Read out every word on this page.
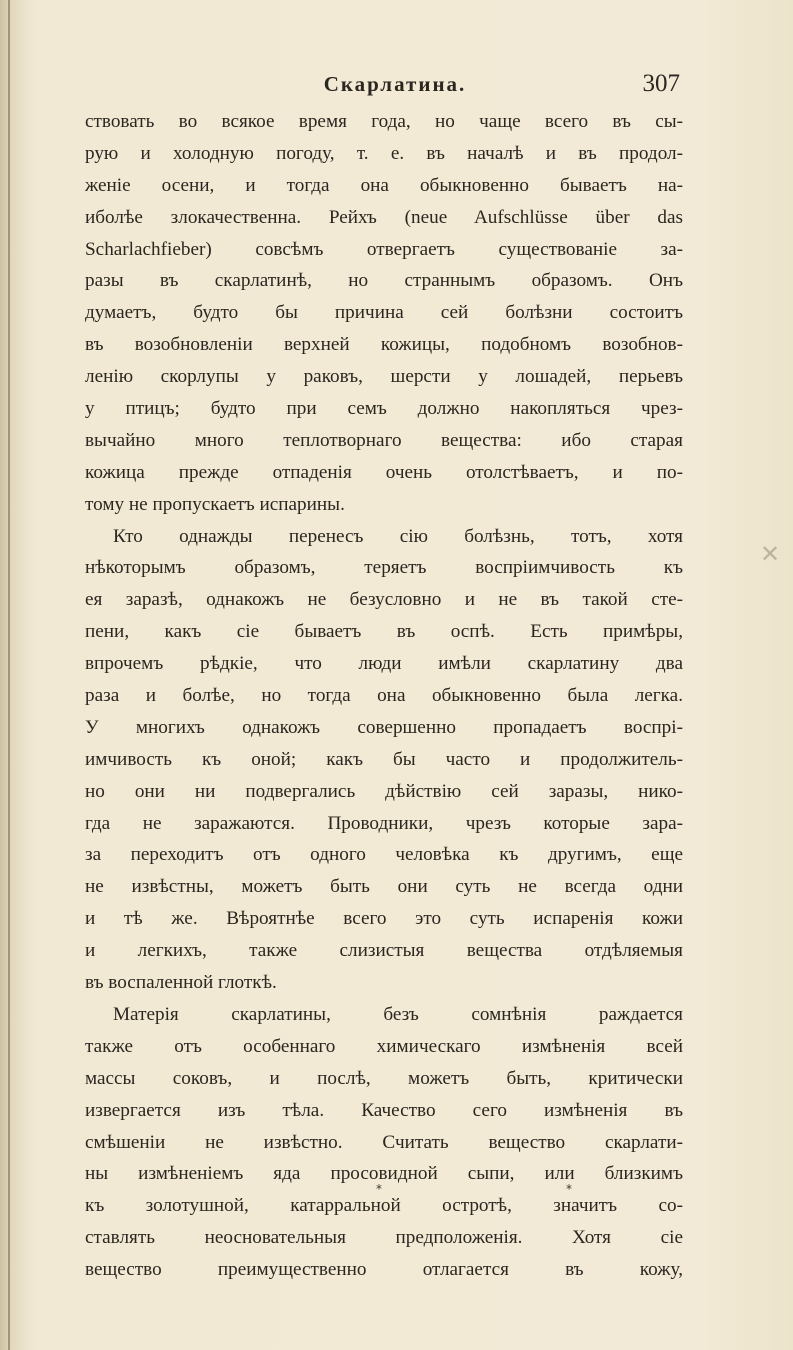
Скарлатина.	307
ствовать во всякое время года, но чаще всего въ сы-
рую и холодную погоду, т. е. въ началѣ и въ продол-
женіе осени, и тогда она обыкновенно бываетъ на-
иболѣе злокачественна. Рейхъ (neue Aufschlüsse über das
Scharlachfieber) совсѣмъ отвергаетъ существованіе за-
разы въ скарлатинѣ, но страннымъ образомъ. Онъ
думаетъ, будто бы причина сей болѣзни состоитъ
въ возобновленіи верхней кожицы, подобномъ возобнов-
ленію скорлупы у раковъ, шерсти у лошадей, перьевъ
у птицъ; будто при семъ должно накопляться чрез-
вычайно много теплотворнаго вещества: ибо старая
кожица прежде отпаденія очень отолстѣваетъ, и по-
тому не пропускаетъ испарины.
Кто однажды перенесъ сію болѣзнь, тотъ, хотя
нѣкоторымъ образомъ, теряетъ воспріимчивость къ
ея заразѣ, однакожъ не безусловно и не въ такой сте-
пени, какъ сіе бываетъ въ оспѣ. Есть примѣры,
впрочемъ рѣдкіе, что люди имѣли скарлатину два
раза и болѣе, но тогда она обыкновенно была легка.
У многихъ однакожъ совершенно пропадаетъ воспрі-
имчивость къ оной; какъ бы часто и продолжитель-
но они ни подвергались дѣйствію сей заразы, нико-
гда не заражаются. Проводники, чрезъ которые зара-
за переходитъ отъ одного человѣка къ другимъ, еще
не извѣстны, можетъ быть они суть не всегда одни
и тѣ же. Вѣроятнѣе всего это суть испаренія кожи
и легкихъ, также слизистыя вещества отдѣляемыя
въ воспаленной глоткѣ.
Матерія скарлатины, безъ сомнѣнія раждается
также отъ особеннаго химическаго измѣненія всей
массы соковъ, и послѣ, можетъ быть, критически
извергается изъ тѣла. Качество сего измѣненія въ
смѣшеніи не извѣстно. Считать вещество скарлати-
ны измѣненіемъ яда просовидной сыпи, или близкимъ
къ золотушной, катарральной остротѣ, значитъ со-
ставлять неосновательныя предположенія. Хотя сіе
вещество преимущественно отлагается въ кожу,
*	*
✕
